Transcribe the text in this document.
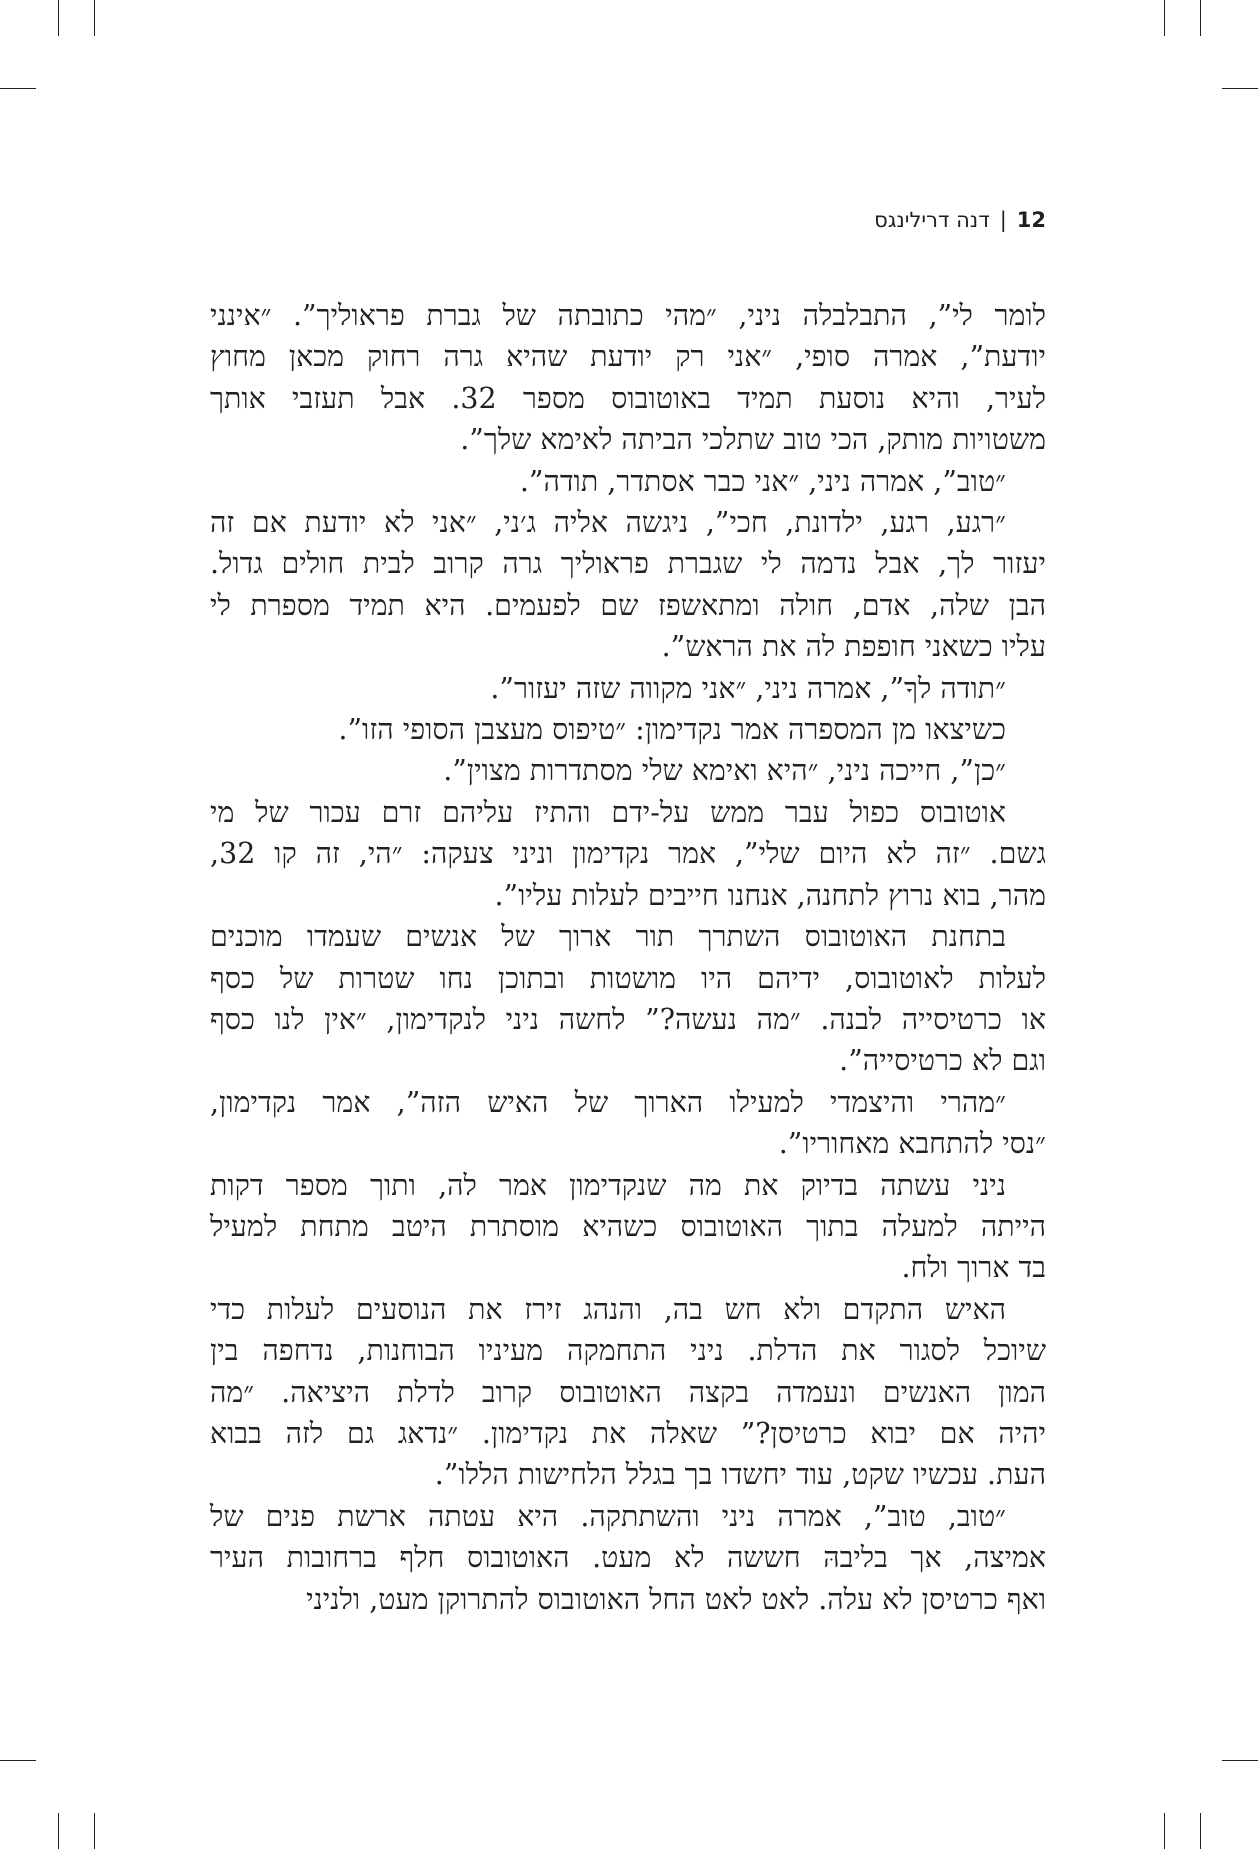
12
|
דנה דרילינגס
לומר לי”, התבלבלה ניני, ״מהי כתובתה של גברת פראוליך”. ״אינני
יודעת”, אמרה סופי, ״אני רק יודעת שהיא גרה רחוק מכאן מחוץ
לעיר, והיא נוסעת תמיד באוטובוס מספר 32. אבל תעזבי אותך
משטויות מותק, הכי טוב שתלכי הביתה לאימא שלך”.
״טוב”, אמרה ניני, ״אני כבר אסתדר, תודה”.
״רגע, רגע, ילדונת, חכי”, ניגשה אליה ג׳ני, ״אני לא יודעת אם זה
יעזור לך, אבל נדמה לי שגברת פראוליך גרה קרוב לבית חולים גדול.
הבן שלה, אדם, חולה ומתאשפז שם לפעמים. היא תמיד מספרת לי
עליו כשאני חופפת לה את הראש”.
״תודה לךָ”, אמרה ניני, ״אני מקווה שזה יעזור”.
כשיצאו מן המספרה אמר נקדימון: ״טיפוס מעצבן הסופי הזו”.
״כן”, חייכה ניני, ״היא ואימא שלי מסתדרות מצוין”.
אוטובוס כפול עבר ממש על-ידם והתיז עליהם זרם עכור של מי
גשם. ״זה לא היום שלי”, אמר נקדימון וניני צעקה: ״הי, זה קו 32,
מהר, בוא נרוץ לתחנה, אנחנו חייבים לעלות עליו”.
בתחנת האוטובוס השתרך תור ארוך של אנשים שעמדו מוכנים
לעלות לאוטובוס, ידיהם היו מושטות ובתוכן נחו שטרות של כסף
או כרטיסייה לבנה. ״מה נעשה?” לחשה ניני לנקדימון, ״אין לנו כסף
וגם לא כרטיסייה”.
״מהרי והיצמדי למעילו הארוך של האיש הזה”, אמר נקדימון,
״נסי להתחבא מאחוריו”.
ניני עשתה בדיוק את מה שנקדימון אמר לה, ותוך מספר דקות
הייתה למעלה בתוך האוטובוס כשהיא מוסתרת היטב מתחת למעיל
בד ארוך ולח.
האיש התקדם ולא חש בה, והנהג זירז את הנוסעים לעלות כדי
שיוכל לסגור את הדלת. ניני התחמקה מעיניו הבוחנות, נדחפה בין
המון האנשים ונעמדה בקצה האוטובוס קרוב לדלת היציאה. ״מה
יהיה אם יבוא כרטיסן?” שאלה את נקדימון. ״נדאג גם לזה בבוא
העת. עכשיו שקט, עוד יחשדו בך בגלל הלחישות הללו”.
״טוב, טוב”, אמרה ניני והשתתקה. היא עטתה ארשת פנים של
אמיצה, אך בליבהּ חששה לא מעט. האוטובוס חלף ברחובות העיר
ואף כרטיסן לא עלה. לאט לאט החל האוטובוס להתרוקן מעט, ולניני
